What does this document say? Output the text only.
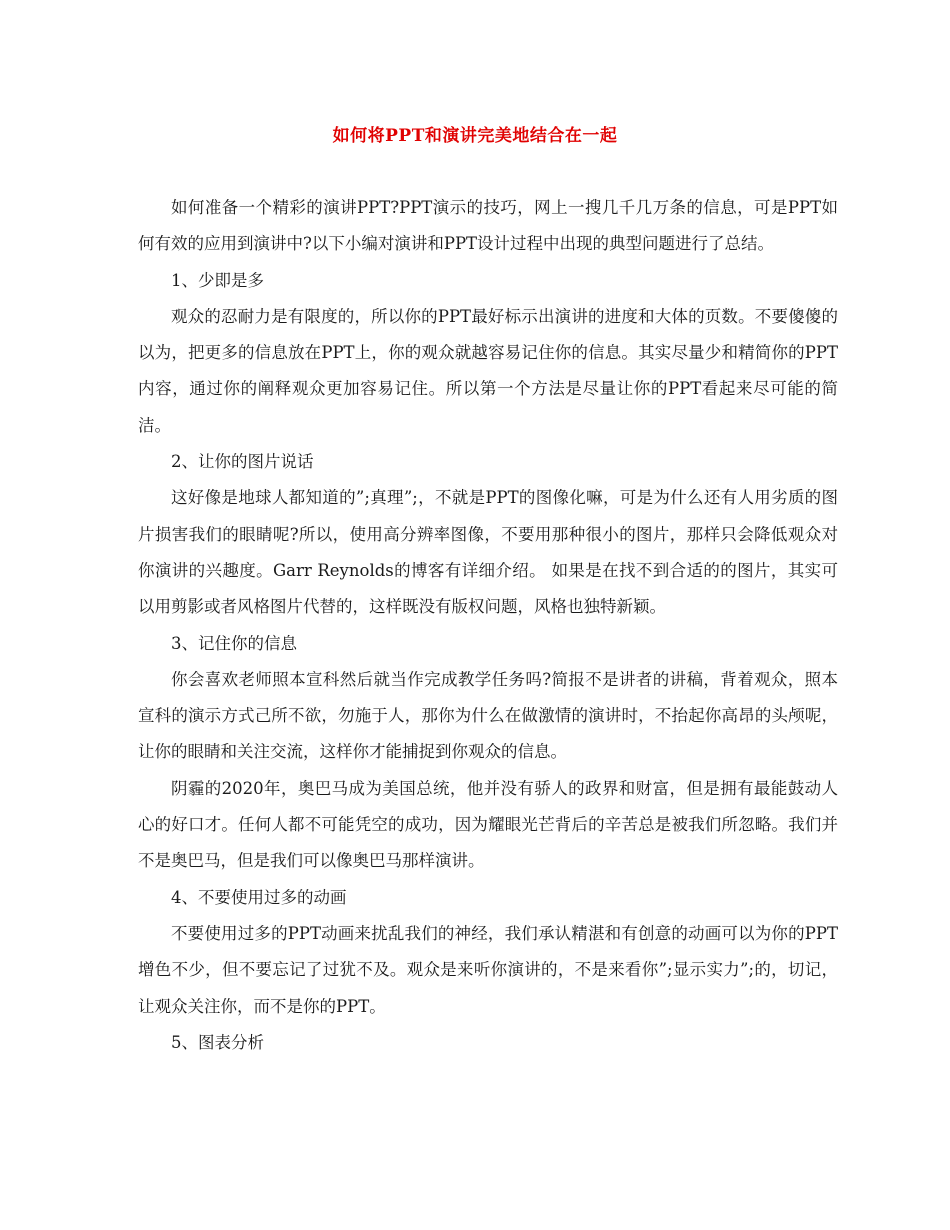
如何将PPT和演讲完美地结合在一起

如何准备一个精彩的演讲PPT?PPT演示的技巧，网上一搜几千几万条的信息，可是PPT如何有效的应用到演讲中?以下小编对演讲和PPT设计过程中出现的典型问题进行了总结。

1、少即是多

观众的忍耐力是有限度的，所以你的PPT最好标示出演讲的进度和大体的页数。不要傻傻的以为，把更多的信息放在PPT上，你的观众就越容易记住你的信息。其实尽量少和精简你的PPT内容，通过你的阐释观众更加容易记住。所以第一个方法是尽量让你的PPT看起来尽可能的简洁。

2、让你的图片说话

这好像是地球人都知道的”;真理”;，不就是PPT的图像化嘛，可是为什么还有人用劣质的图片损害我们的眼睛呢?所以，使用高分辨率图像，不要用那种很小的图片，那样只会降低观众对你演讲的兴趣度。Garr Reynolds的博客有详细介绍。 如果是在找不到合适的的图片，其实可以用剪影或者风格图片代替的，这样既没有版权问题，风格也独特新颖。

3、记住你的信息

你会喜欢老师照本宣科然后就当作完成教学任务吗?简报不是讲者的讲稿，背着观众，照本宣科的演示方式己所不欲，勿施于人，那你为什么在做激情的演讲时，不抬起你高昂的头颅呢，让你的眼睛和关注交流，这样你才能捕捉到你观众的信息。

阴霾的2020年，奥巴马成为美国总统，他并没有骄人的政界和财富，但是拥有最能鼓动人心的好口才。任何人都不可能凭空的成功，因为耀眼光芒背后的辛苦总是被我们所忽略。我们并不是奥巴马，但是我们可以像奥巴马那样演讲。

4、不要使用过多的动画

不要使用过多的PPT动画来扰乱我们的神经，我们承认精湛和有创意的动画可以为你的PPT增色不少，但不要忘记了过犹不及。观众是来听你演讲的，不是来看你”;显示实力”;的，切记，让观众关注你，而不是你的PPT。

5、图表分析
